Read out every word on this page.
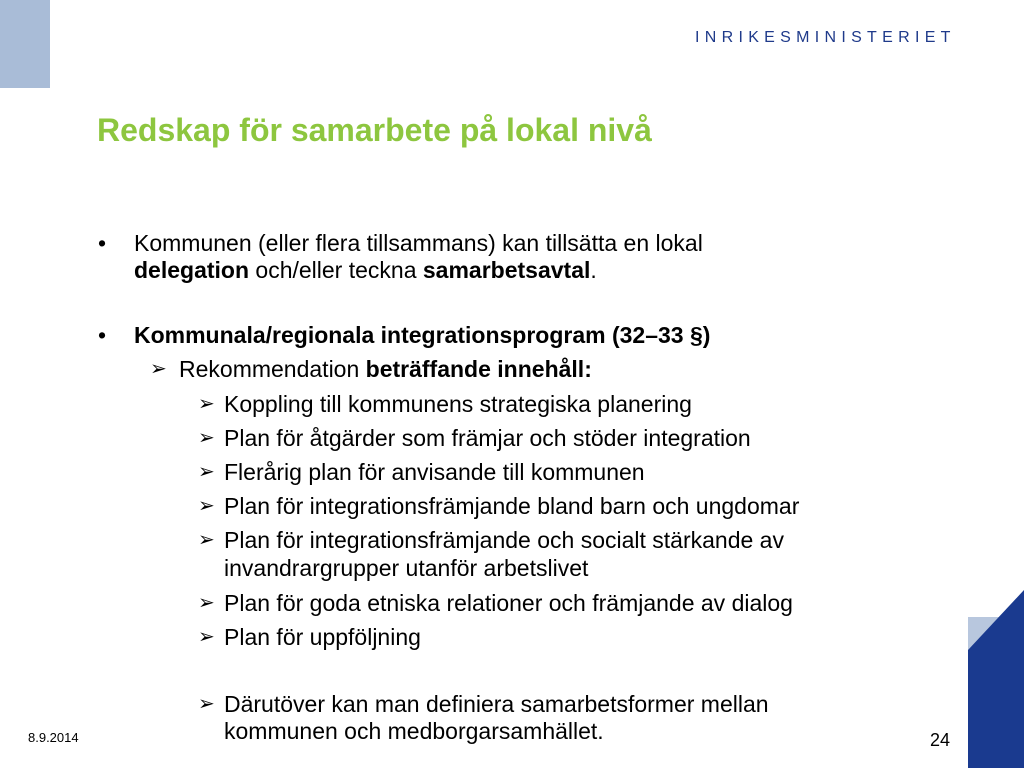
INRIKESMINISTERIET
Redskap för samarbete på lokal nivå
• Kommunen (eller flera tillsammans) kan tillsätta en lokal
delegation och/eller teckna samarbetsavtal.
• Kommunala/regionala integrationsprogram (32–33 §)
➢ Rekommendation beträffande innehåll:
➢ Koppling till kommunens strategiska planering
➢ Plan för åtgärder som främjar och stöder integration
➢ Flerårig plan för anvisande till kommunen
➢ Plan för integrationsfrämjande bland barn och ungdomar
➢ Plan för integrationsfrämjande och socialt stärkande av
invandrargrupper utanför arbetslivet
➢ Plan för goda etniska relationer och främjande av dialog
➢ Plan för uppföljning
➢ Därutöver kan man definiera samarbetsformer mellan
kommunen och medborgarsamhället.
8.9.2014	24
